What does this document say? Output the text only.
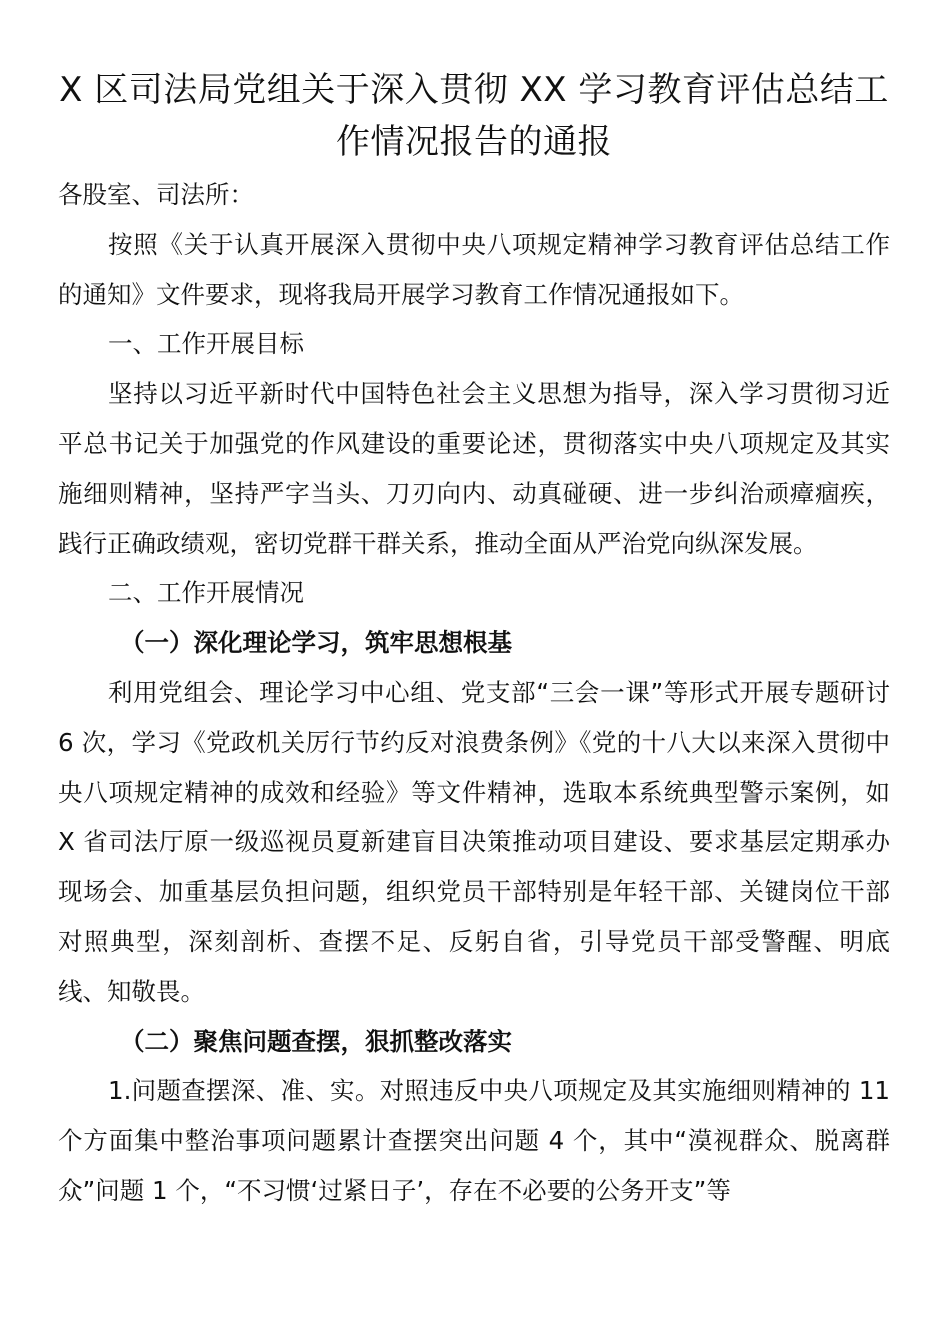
X 区司法局党组关于深入贯彻 XX 学习教育评估总结工作情况报告的通报

各股室、司法所：

按照《关于认真开展深入贯彻中央八项规定精神学习教育评估总结工作的通知》文件要求，现将我局开展学习教育工作情况通报如下。

一、工作开展目标

坚持以习近平新时代中国特色社会主义思想为指导，深入学习贯彻习近平总书记关于加强党的作风建设的重要论述，贯彻落实中央八项规定及其实施细则精神，坚持严字当头、刀刃向内、动真碰硬、进一步纠治顽瘴痼疾，践行正确政绩观，密切党群干群关系，推动全面从严治党向纵深发展。

二、工作开展情况

（一）深化理论学习，筑牢思想根基

利用党组会、理论学习中心组、党支部“三会一课”等形式开展专题研讨 6 次，学习《党政机关厉行节约反对浪费条例》《党的十八大以来深入贯彻中央八项规定精神的成效和经验》等文件精神，选取本系统典型警示案例，如 X 省司法厅原一级巡视员夏新建盲目决策推动项目建设、要求基层定期承办现场会、加重基层负担问题，组织党员干部特别是年轻干部、关键岗位干部对照典型，深刻剖析、查摆不足、反躬自省，引导党员干部受警醒、明底线、知敬畏。

（二）聚焦问题查摆，狠抓整改落实

1.问题查摆深、准、实。对照违反中央八项规定及其实施细则精神的 11 个方面集中整治事项问题累计查摆突出问题 4 个，其中“漠视群众、脱离群众”问题 1 个，“不习惯‘过紧日子’，存在不必要的公务开支”等
